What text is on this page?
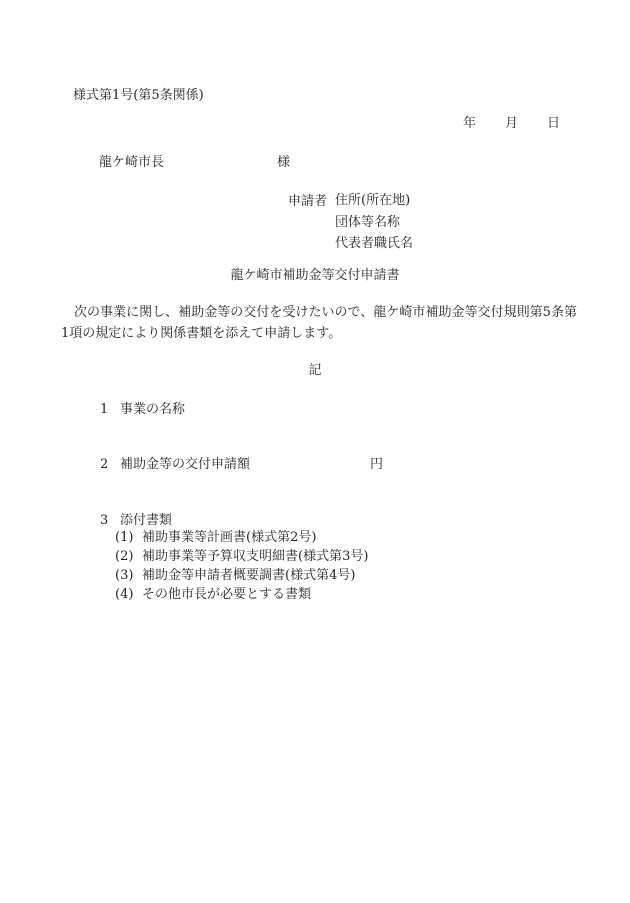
様式第1号(第5条関係)
年 月 日
龍ケ崎市長	様
申請者 住所(所在地)
団体等名称
代表者職氏名
龍ケ崎市補助金等交付申請書
次の事業に関し、補助金等の交付を受けたいので、龍ケ崎市補助金等交付規則第5条第1項の規定により関係書類を添えて申請します。
記
1 事業の名称
2 補助金等の交付申請額	円
3 添付書類
(1) 補助事業等計画書(様式第2号)
(2) 補助事業等予算収支明細書(様式第3号)
(3) 補助金等申請者概要調書(様式第4号)
(4) その他市長が必要とする書類
